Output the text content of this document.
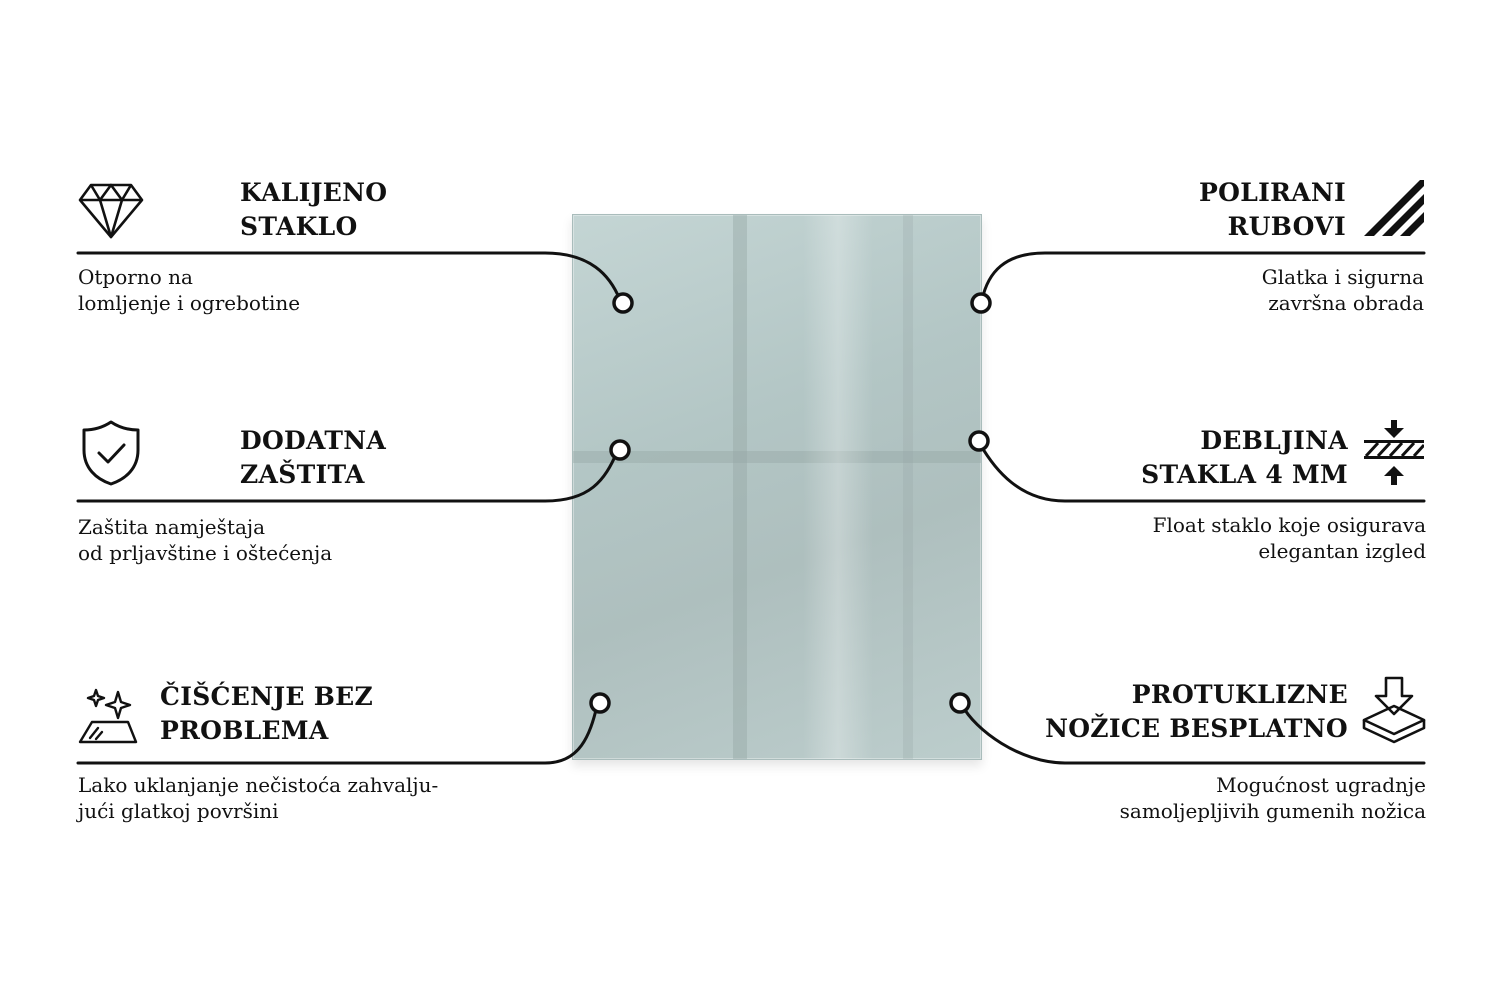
KALIJENO
STAKLO
Otporno na
lomljenje i ogrebotine
DODATNA
ZAŠTITA
Zaštita namještaja
od prljavštine i oštećenja
ČIŠĆENJE BEZ
PROBLEMA
Lako uklanjanje nečistoća zahvalju-
jući glatkoj površini
POLIRANI
RUBOVI
Glatka i sigurna
završna obrada
DEBLJINA
STAKLA 4 MM
Float staklo koje osigurava
elegantan izgled
PROTUKLIZNE
NOŽICE BESPLATNO
Mogućnost ugradnje
samoljepljivih gumenih nožica
